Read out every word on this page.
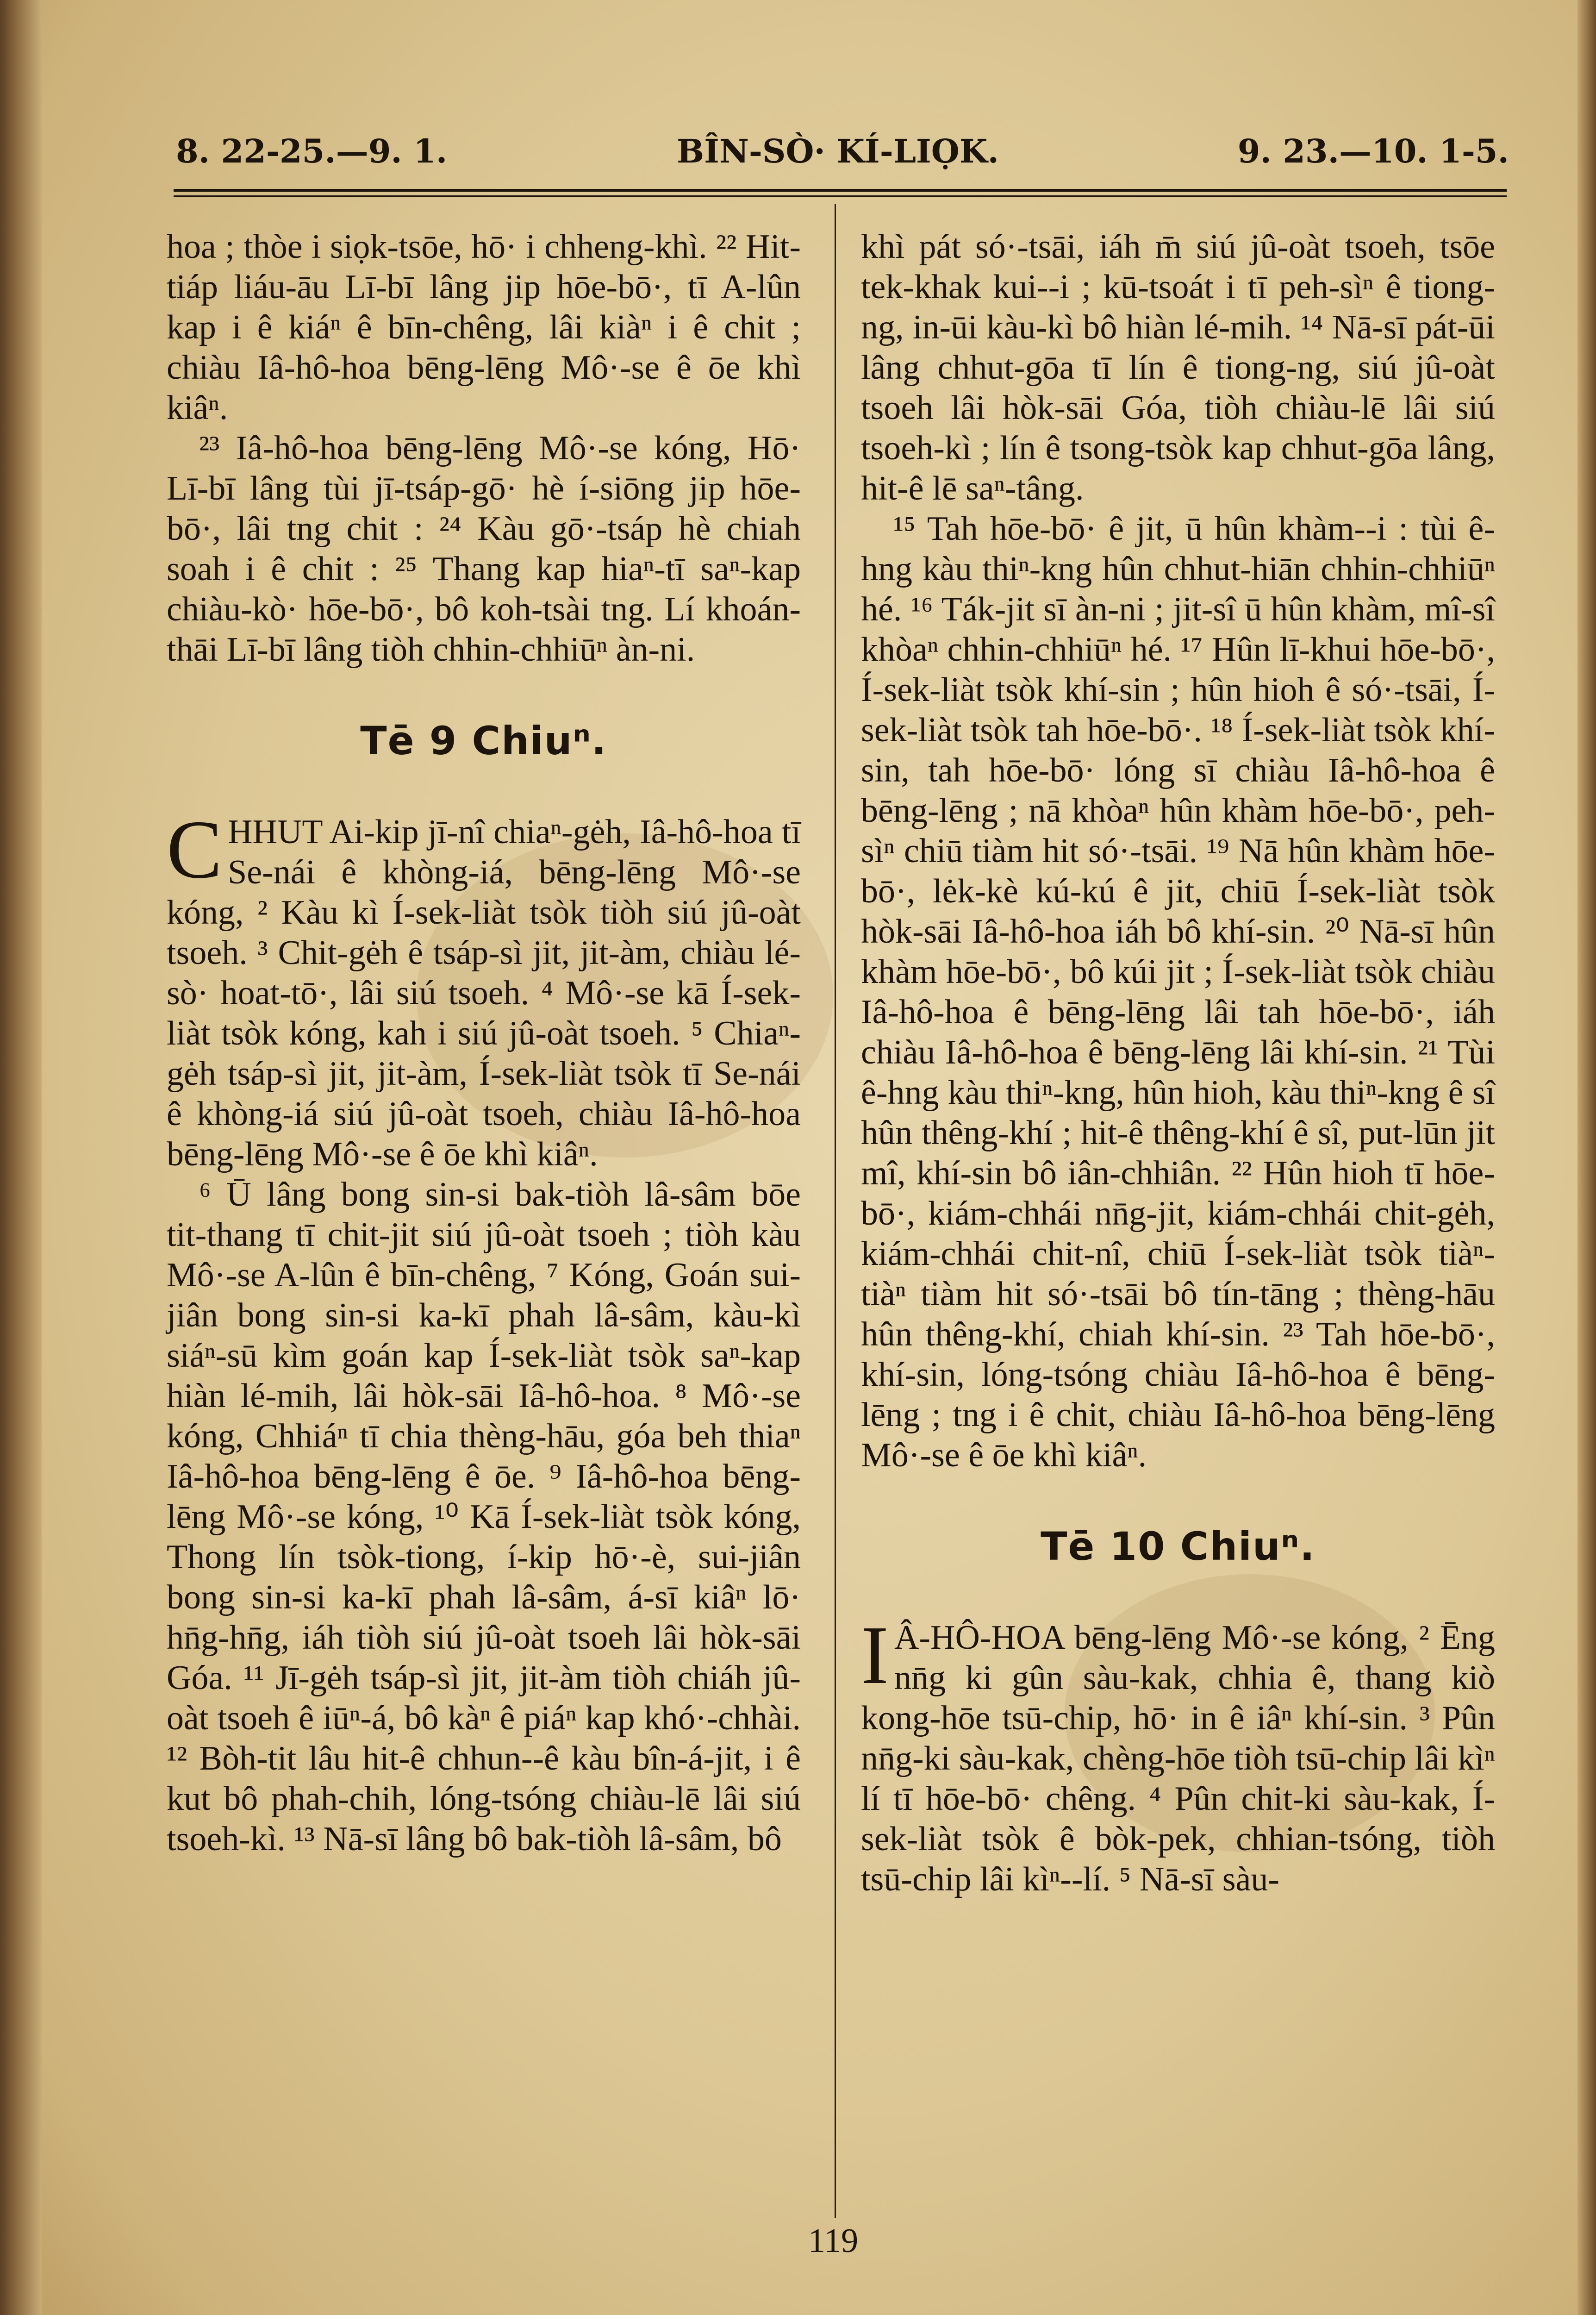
8. 22-25.—9. 1.	BÎN-SÒ· KÍ-LIỌK.	9. 23.—10. 1-5.

hoa ; thòe i siọk-tsōe, hō· i chheng-khì. ²² Hit-tiáp liáu-āu Lī-bī lâng jip hōe-bō·, tī A-lûn kap i ê kiáⁿ ê bīn-chêng, lâi kiàⁿ i ê chit ; chiàu Iâ-hô-hoa bēng-lēng Mô·-se ê ōe khì kiâⁿ.

²³ Iâ-hô-hoa bēng-lēng Mô·-se kóng, Hō· Lī-bī lâng tùi jī-tsáp-gō· hè í-siōng jip hōe-bō·, lâi tng chit : ²⁴ Kàu gō·-tsáp hè chiah soah i ê chit : ²⁵ Thang kap hiaⁿ-tī saⁿ-kap chiàu-kò· hōe-bō·, bô koh-tsài tng. Lí khoán-thāi Lī-bī lâng tiòh chhin-chhiūⁿ àn-ni.

Tē 9 Chiuⁿ.

CHHUT Ai-kip jī-nî chiaⁿ-gėh, Iâ-hô-hoa tī Se-nái ê khòng-iá, bēng-lēng Mô·-se kóng, ² Kàu kì Í-sek-liàt tsòk tiòh siú jû-oàt tsoeh. ³ Chit-gėh ê tsáp-sì jit, jit-àm, chiàu lé-sò· hoat-tō·, lâi siú tsoeh. ⁴ Mô·-se kā Í-sek-liàt tsòk kóng, kah i siú jû-oàt tsoeh. ⁵ Chiaⁿ-gėh tsáp-sì jit, jit-àm, Í-sek-liàt tsòk tī Se-nái ê khòng-iá siú jû-oàt tsoeh, chiàu Iâ-hô-hoa bēng-lēng Mô·-se ê ōe khì kiâⁿ.

⁶ Ū lâng bong sin-si bak-tiòh lâ-sâm bōe tit-thang tī chit-jit siú jû-oàt tsoeh ; tiòh kàu Mô·-se A-lûn ê bīn-chêng, ⁷ Kóng, Goán sui-jiân bong sin-si ka-kī phah lâ-sâm, kàu-kì siáⁿ-sū kìm goán kap Í-sek-liàt tsòk saⁿ-kap hiàn lé-mih, lâi hòk-sāi Iâ-hô-hoa. ⁸ Mô·-se kóng, Chhiáⁿ tī chia thèng-hāu, góa beh thiaⁿ Iâ-hô-hoa bēng-lēng ê ōe. ⁹ Iâ-hô-hoa bēng-lēng Mô·-se kóng, ¹⁰ Kā Í-sek-liàt tsòk kóng, Thong lín tsòk-tiong, í-kip hō·-è, sui-jiân bong sin-si ka-kī phah lâ-sâm, á-sī kiâⁿ lō· hn̄g-hn̄g, iáh tiòh siú jû-oàt tsoeh lâi hòk-sāi Góa. ¹¹ Jī-gėh tsáp-sì jit, jit-àm tiòh chiáh jû-oàt tsoeh ê iūⁿ-á, bô kàⁿ ê piáⁿ kap khó·-chhài. ¹² Bòh-tit lâu hit-ê chhun--ê kàu bîn-á-jit, i ê kut bô phah-chih, lóng-tsóng chiàu-lē lâi siú tsoeh-kì. ¹³ Nā-sī lâng bô bak-tiòh lâ-sâm, bô

khì pát só·-tsāi, iáh m̄ siú jû-oàt tsoeh, tsōe tek-khak kui--i ; kū-tsoát i tī peh-sìⁿ ê tiong-ng, in-ūi kàu-kì bô hiàn lé-mih. ¹⁴ Nā-sī pát-ūi lâng chhut-gōa tī lín ê tiong-ng, siú jû-oàt tsoeh lâi hòk-sāi Góa, tiòh chiàu-lē lâi siú tsoeh-kì ; lín ê tsong-tsòk kap chhut-gōa lâng, hit-ê lē saⁿ-tâng.

¹⁵ Tah hōe-bō· ê jit, ū hûn khàm--i : tùi ê-hng kàu thiⁿ-kng hûn chhut-hiān chhin-chhiūⁿ hé. ¹⁶ Ták-jit sī àn-ni ; jit-sî ū hûn khàm, mî-sî khòaⁿ chhin-chhiūⁿ hé. ¹⁷ Hûn lī-khui hōe-bō·, Í-sek-liàt tsòk khí-sin ; hûn hioh ê só·-tsāi, Í-sek-liàt tsòk tah hōe-bō·. ¹⁸ Í-sek-liàt tsòk khí-sin, tah hōe-bō· lóng sī chiàu Iâ-hô-hoa ê bēng-lēng ; nā khòaⁿ hûn khàm hōe-bō·, peh-sìⁿ chiū tiàm hit só·-tsāi. ¹⁹ Nā hûn khàm hōe-bō·, lėk-kè kú-kú ê jit, chiū Í-sek-liàt tsòk hòk-sāi Iâ-hô-hoa iáh bô khí-sin. ²⁰ Nā-sī hûn khàm hōe-bō·, bô kúi jit ; Í-sek-liàt tsòk chiàu Iâ-hô-hoa ê bēng-lēng lâi tah hōe-bō·, iáh chiàu Iâ-hô-hoa ê bēng-lēng lâi khí-sin. ²¹ Tùi ê-hng kàu thiⁿ-kng, hûn hioh, kàu thiⁿ-kng ê sî hûn thêng-khí ; hit-ê thêng-khí ê sî, put-lūn jit mî, khí-sin bô iân-chhiân. ²² Hûn hioh tī hōe-bō·, kiám-chhái nn̄g-jit, kiám-chhái chit-gėh, kiám-chhái chit-nî, chiū Í-sek-liàt tsòk tiàⁿ-tiàⁿ tiàm hit só·-tsāi bô tín-tāng ; thèng-hāu hûn thêng-khí, chiah khí-sin. ²³ Tah hōe-bō·, khí-sin, lóng-tsóng chiàu Iâ-hô-hoa ê bēng-lēng ; tng i ê chit, chiàu Iâ-hô-hoa bēng-lēng Mô·-se ê ōe khì kiâⁿ.

Tē 10 Chiuⁿ.

I Â-HÔ-HOA bēng-lēng Mô·-se kóng, ² Ēng nn̄g ki gûn sàu-kak, chhia ê, thang kiò kong-hōe tsū-chip, hō· in ê iâⁿ khí-sin. ³ Pûn nn̄g-ki sàu-kak, chèng-hōe tiòh tsū-chip lâi kìⁿ lí tī hōe-bō· chêng. ⁴ Pûn chit-ki sàu-kak, Í-sek-liàt tsòk ê bòk-pek, chhian-tsóng, tiòh tsū-chip lâi kìⁿ--lí. ⁵ Nā-sī sàu-

119
